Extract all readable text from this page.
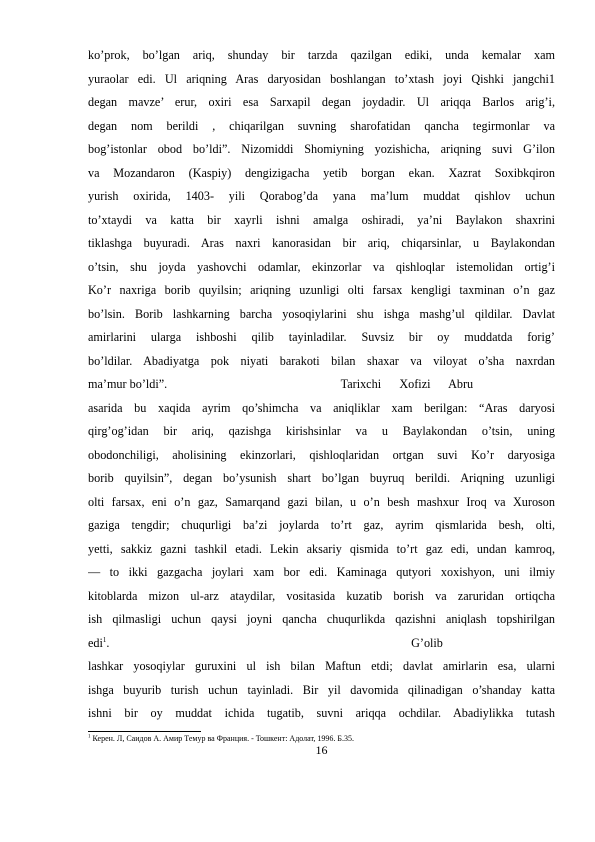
ko’prok, bo’lgan ariq, shunday bir tarzda qazilgan ediki, unda kemalar xam
yuraolar edi. Ul ariqning Aras daryosidan boshlangan to’xtash joyi Qishki jangchi1
degan mavze’ erur, oxiri esa Sarxapil degan joydadir. Ul ariqqa Barlos arig’i,
degan nom berildi , chiqarilgan suvning sharofatidan qancha tegirmonlar va
bog’istonlar obod bo’ldi”. Nizomiddi Shomiyning yozishicha, ariqning suvi G’ilon
va Mozandaron (Kaspiy) dengizigacha yetib borgan ekan. Xazrat Soxibkqiron
yurish oxirida, 1403- yili Qorabog’da yana ma’lum muddat qishlov uchun
to’xtaydi va katta bir xayrli ishni amalga oshiradi, ya’ni Baylakon shaxrini
tiklashga buyuradi. Aras naxri kanorasidan bir ariq, chiqarsinlar, u Baylakondan
o’tsin, shu joyda yashovchi odamlar, ekinzorlar va qishloqlar istemolidan ortig’i
Ko’r naxriga borib quyilsin; ariqning uzunligi olti farsax kengligi taxminan o’n gaz
bo’lsin. Borib lashkarning barcha yosoqiylarini shu ishga mashg’ul qildilar. Davlat
amirlarini ularga ishboshi qilib tayinladilar. Suvsiz bir oy muddatda forig’
bo’ldilar. Abadiyatga pok niyati barakoti bilan shaxar va viloyat o’sha naxrdan
ma’mur bo’ldi”.                                                         Tarixchi      Xofizi      Abru
asarida bu xaqida ayrim qo’shimcha va aniqliklar xam berilgan: “Aras daryosi
qirg’og’idan bir ariq, qazishga kirishsinlar va u Baylakondan o’tsin, uning
obodonchiligi, aholisining ekinzorlari, qishloqlaridan ortgan suvi Ko’r daryosiga
borib quyilsin”, degan bo’ysunish shart bo’lgan buyruq berildi. Ariqning uzunligi
olti farsax, eni o’n gaz, Samarqand gazi bilan, u o’n besh mashxur Iroq va Xuroson
gaziga tengdir; chuqurligi ba’zi joylarda to’rt gaz, ayrim qismlarida besh, olti,
yetti, sakkiz gazni tashkil etadi. Lekin aksariy qismida to’rt gaz edi, undan kamroq,
— to ikki gazgacha joylari xam bor edi. Kaminaga qutyori xoxishyon, uni ilmiy
kitoblarda mizon ul-arz ataydilar, vositasida kuzatib borish va zaruridan ortiqcha
ish qilmasligi uchun qaysi joyni qancha chuqurlikda qazishni aniqlash topshirilgan
edi$^1$.                                                                                                   G’olib
lashkar yosoqiylar guruxini ul ish bilan Maftun etdi; davlat amirlarin esa, ularni
ishga buyurib turish uchun tayinladi. Bir yil davomida qilinadigan o’shanday katta
ishni bir oy muddat ichida tugatib, suvni ariqqa ochdilar. Abadiylikka tutash
$^1$ Керен. Л, Саидов А. Амир Темур ва Франция. - Тошкент: Адолат, 1996. Б.35.
16
